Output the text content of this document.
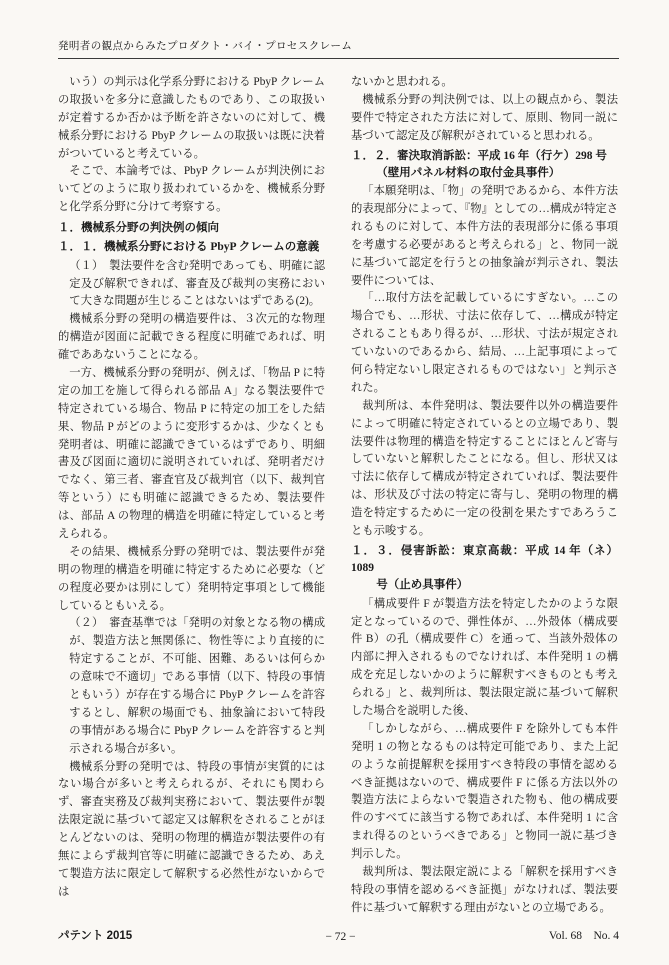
発明者の観点からみたプロダクト・バイ・プロセスクレーム

いう）の判示は化学系分野における PbyP クレームの取扱いを多分に意識したものであり、この取扱いが定着するか否かは予断を許さないのに対して、機械系分野における PbyP クレームの取扱いは既に決着がついていると考えている。

そこで、本論考では、PbyP クレームが判決例においてどのように取り扱われているかを、機械系分野と化学系分野に分けて考察する。

１．機械系分野の判決例の傾向
１．１．機械系分野における PbyP クレームの意義

（１）　製法要件を含む発明であっても、明確に認定及び解釈できれば、審査及び裁判の実務において大きな問題が生じることはないはずである(2)。

機械系分野の発明の構造要件は、３次元的な物理的構造が図面に記載できる程度に明確であれば、明確でああないうことになる。

一方、機械系分野の発明が、例えば、「物品 P に特定の加工を施して得られる部品 A」なる製法要件で特定されている場合、物品 P に特定の加工をした結果、物品 P がどのように変形するかは、少なくとも発明者は、明確に認識できているはずであり、明細書及び図面に適切に説明されていれば、発明者だけでなく、第三者、審査官及び裁判官（以下、裁判官等という）にも明確に認識できるため、製法要件は、部品 A の物理的構造を明確に特定していると考えられる。

その結果、機械系分野の発明では、製法要件が発明の物理的構造を明確に特定するために必要な（どの程度必要かは別にして）発明特定事項として機能しているともいえる。

（２）　審査基準では「発明の対象となる物の構成が、製造方法と無関係に、物性等により直接的に特定することが、不可能、困難、あるいは何らかの意味で不適切」である事情（以下、特段の事情ともいう）が存在する場合に PbyP クレームを許容するとし、解釈の場面でも、抽象論において特段の事情がある場合に PbyP クレームを許容すると判示される場合が多い。

機械系分野の発明では、特段の事情が実質的にはない場合が多いと考えられるが、それにも関わらず、審査実務及び裁判実務において、製法要件が製法限定説に基づいて認定又は解釈をされることがほとんどないのは、発明の物理的構造が製法要件の有無によらず裁判官等に明確に認識できるため、あえて製造方法に限定して解釈する必然性がないからでは

ないかと思われる。

機械系分野の判決例では、以上の観点から、製法要件で特定された方法に対して、原則、物同一説に基づいて認定及び解釈がされていると思われる。

１．２．審決取消訴訟：平成 16 年（行ケ）298 号
（壁用パネル材料の取付金具事件）

「本願発明は、「物」の発明であるから、本件方法的表現部分によって、『物』としての…構成が特定されるものに対して、本件方法的表現部分に係る事項を考慮する必要があると考えられる」と、物同一説に基づいて認定を行うとの抽象論が判示され、製法要件については、

「…取付方法を記載しているにすぎない。…この場合でも、…形状、寸法に依存して、…構成が特定されることもあり得るが、…形状、寸法が規定されていないのであるから、結局、…上記事項によって何ら特定ないし限定されるものではない」と判示された。

裁判所は、本件発明は、製法要件以外の構造要件によって明確に特定されているとの立場であり、製法要件は物理的構造を特定することにほとんど寄与していないと解釈したことになる。但し、形状又は寸法に依存して構成が特定されていれば、製法要件は、形状及び寸法の特定に寄与し、発明の物理的構造を特定するために一定の役割を果たすであろうことも示唆する。

１．３．侵害訴訟：東京高裁：平成 14 年（ネ）1089
号（止め具事件）

「構成要件 F が製造方法を特定したかのような限定となっているので、弾性体が、…外殻体（構成要件 B）の孔（構成要件 C）を通って、当該外殻体の内部に押入されるものでなければ、本件発明 1 の構成を充足しないかのように解釈すべきものとも考えられる」と、裁判所は、製法限定説に基づいて解釈した場合を説明した後、

「しかしながら、…構成要件 F を除外しても本件発明 1 の物となるものは特定可能であり、また上記のような前提解釈を採用すべき特段の事情を認めるべき証拠はないので、構成要件 F に係る方法以外の製造方法によらないで製造された物も、他の構成要件のすべてに該当する物であれば、本件発明 1 に含まれ得るのというべきである」と物同一説に基づき判示した。

裁判所は、製法限定説による「解釈を採用すべき特段の事情を認めるべき証拠」がなければ、製法要件に基づいて解釈する理由がないとの立場である。

パテント 2015	− 72 −	Vol. 68　No. 4
